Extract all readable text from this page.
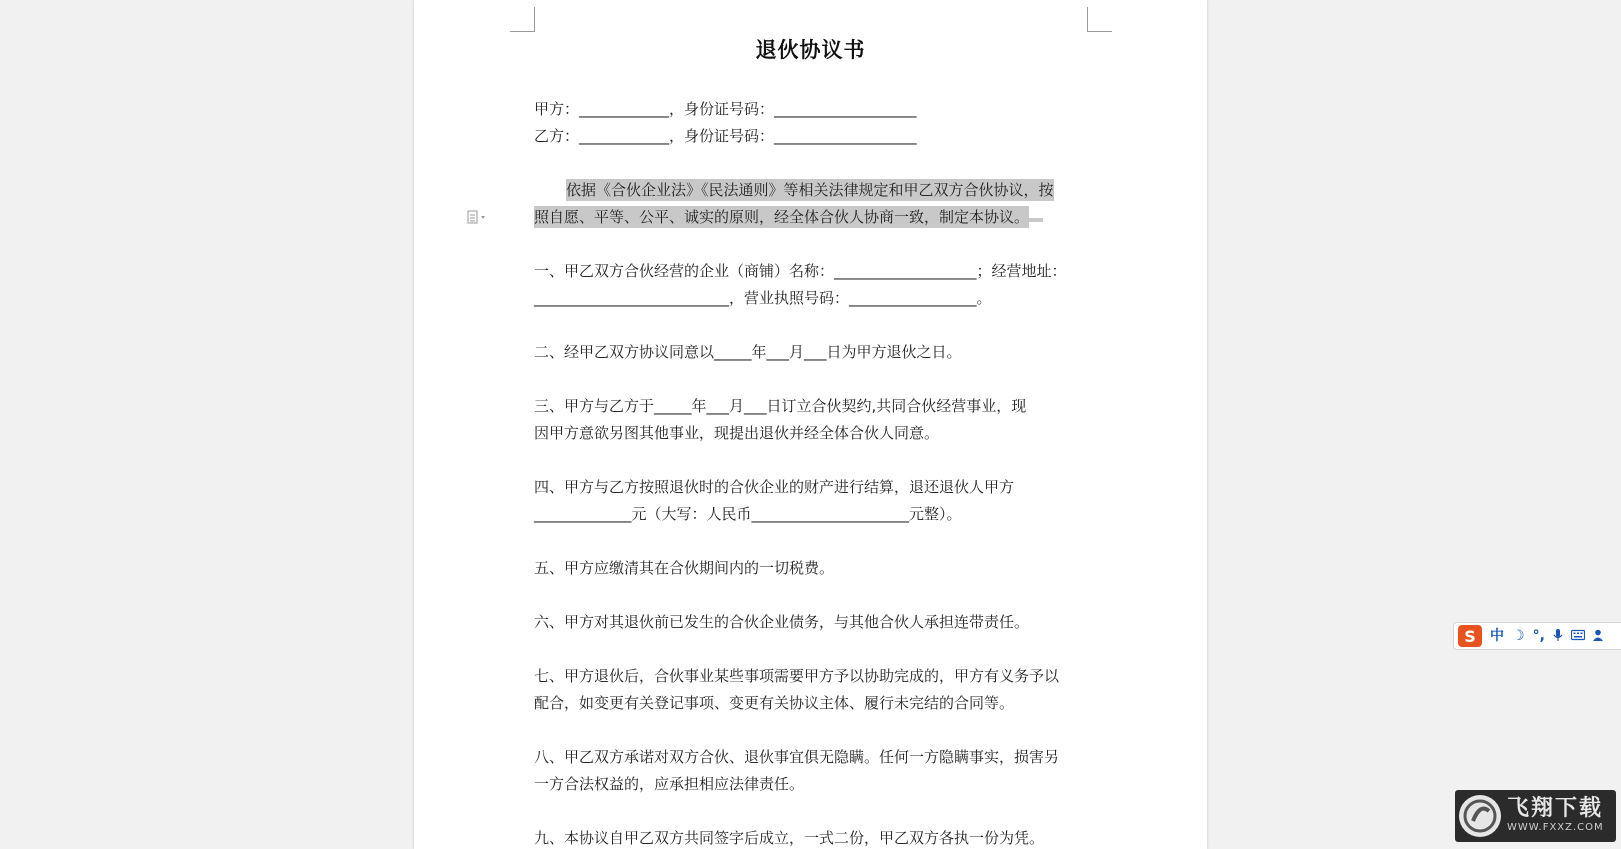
退伙协议书
甲方：____________，身份证号码：___________________
乙方：____________，身份证号码：___________________
依据《合伙企业法》《民法通则》等相关法律规定和甲乙双方合伙协议，按
照自愿、平等、公平、诚实的原则，经全体合伙人协商一致，制定本协议。
一、甲乙双方合伙经营的企业（商铺）名称：___________________；经营地址：
__________________________，营业执照号码：_________________。
二、经甲乙双方协议同意以_____年___月___日为甲方退伙之日。
三、甲方与乙方于_____年___月___日订立合伙契约,共同合伙经营事业，现
因甲方意欲另图其他事业，现提出退伙并经全体合伙人同意。
四、甲方与乙方按照退伙时的合伙企业的财产进行结算，退还退伙人甲方
_____________元（大写：人民币_____________________元整）。
五、甲方应缴清其在合伙期间内的一切税费。
六、甲方对其退伙前已发生的合伙企业债务，与其他合伙人承担连带责任。
七、甲方退伙后，合伙事业某些事项需要甲方予以协助完成的，甲方有义务予以
配合，如变更有关登记事项、变更有关协议主体、履行未完结的合同等。
八、甲乙双方承诺对双方合伙、退伙事宜俱无隐瞒。任何一方隐瞒事实，损害另
一方合法权益的，应承担相应法律责任。
九、本协议自甲乙双方共同签字后成立，一式二份，甲乙双方各执一份为凭。
S	中 ☽ °,
飞翔下载
WWW.FXXZ.COM
